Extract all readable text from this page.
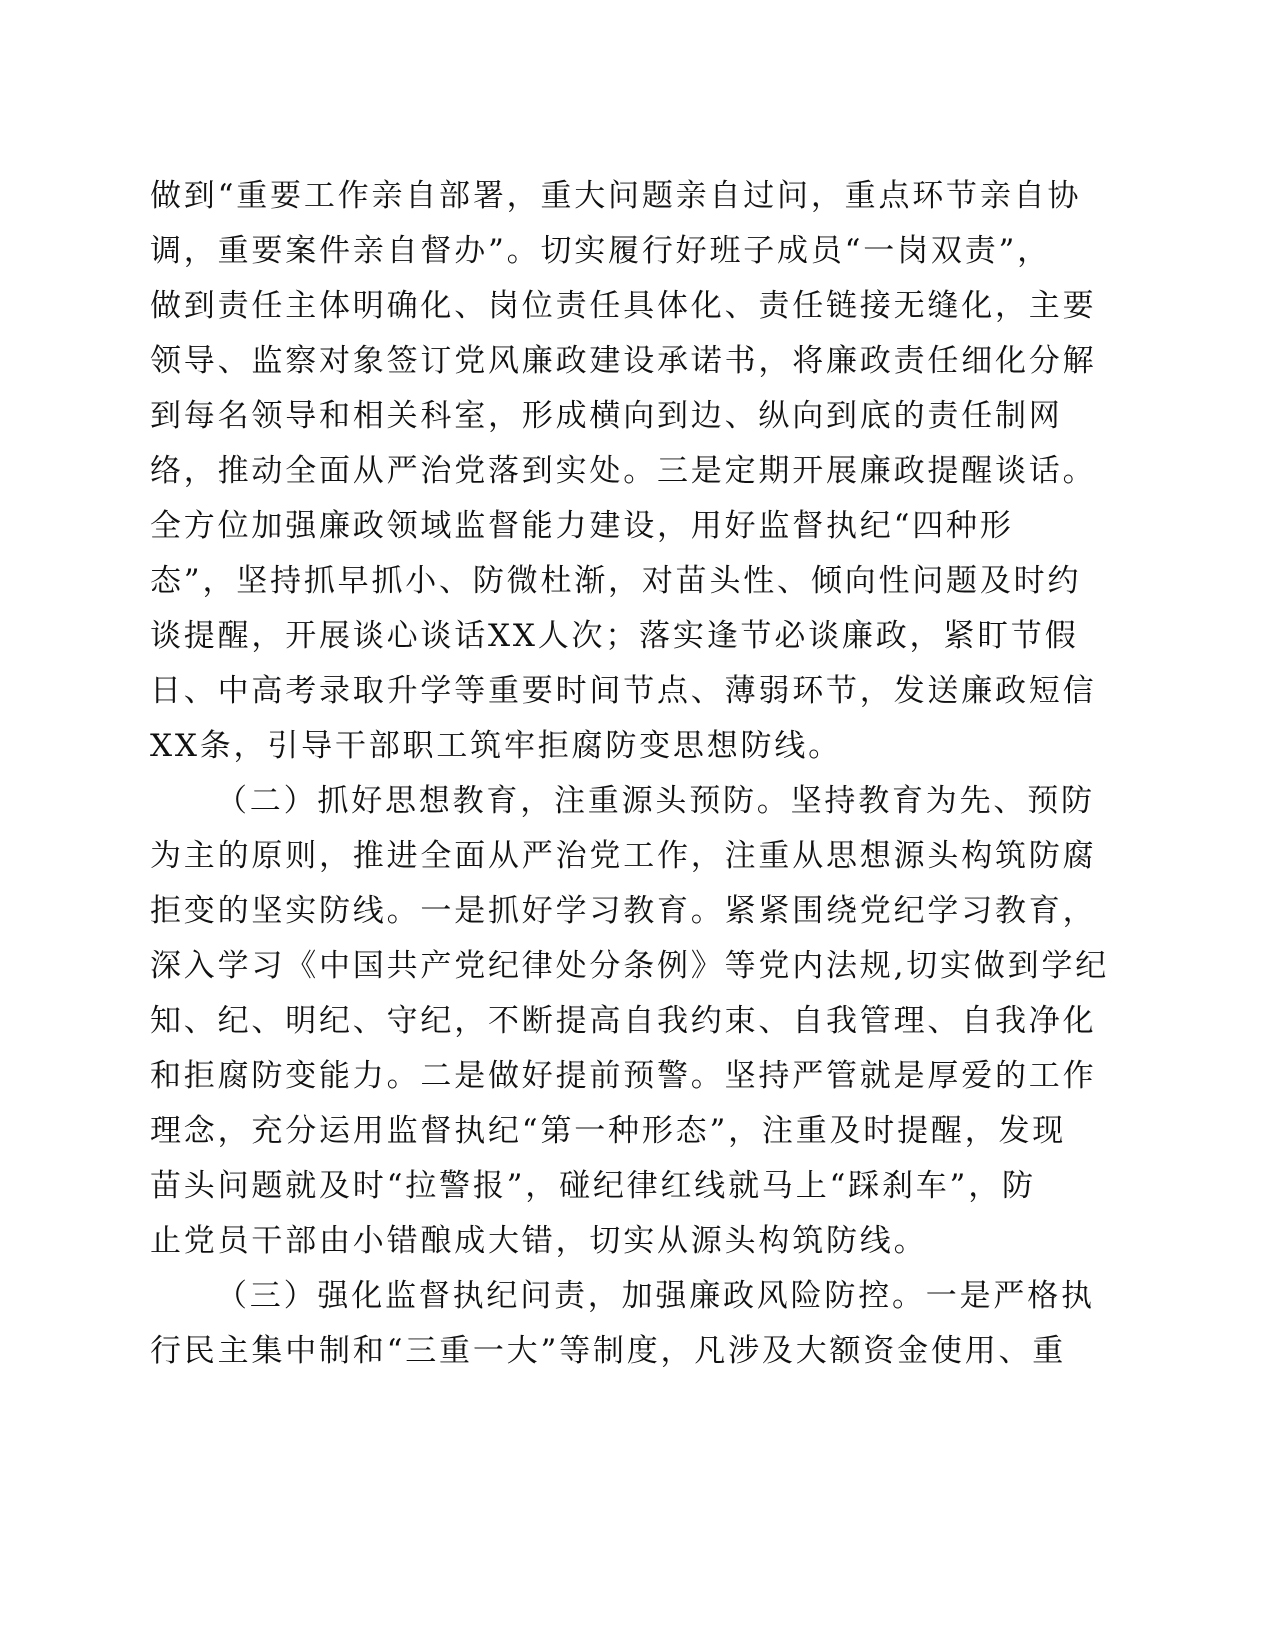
做到“重要工作亲自部署，重大问题亲自过问，重点环节亲自协
调，重要案件亲自督办”。切实履行好班子成员“一岗双责”，
做到责任主体明确化、岗位责任具体化、责任链接无缝化，主要
领导、监察对象签订党风廉政建设承诺书，将廉政责任细化分解
到每名领导和相关科室，形成横向到边、纵向到底的责任制网
络，推动全面从严治党落到实处。三是定期开展廉政提醒谈话。
全方位加强廉政领域监督能力建设，用好监督执纪“四种形
态”，坚持抓早抓小、防微杜渐，对苗头性、倾向性问题及时约
谈提醒，开展谈心谈话XX人次；落实逢节必谈廉政，紧盯节假
日、中高考录取升学等重要时间节点、薄弱环节，发送廉政短信
XX条，引导干部职工筑牢拒腐防变思想防线。
（二）抓好思想教育，注重源头预防。坚持教育为先、预防
为主的原则，推进全面从严治党工作，注重从思想源头构筑防腐
拒变的坚实防线。一是抓好学习教育。紧紧围绕党纪学习教育，
深入学习《中国共产党纪律处分条例》等党内法规,切实做到学纪
知、纪、明纪、守纪，不断提高自我约束、自我管理、自我净化
和拒腐防变能力。二是做好提前预警。坚持严管就是厚爱的工作
理念，充分运用监督执纪“第一种形态”，注重及时提醒，发现
苗头问题就及时“拉警报”，碰纪律红线就马上“踩刹车”，防
止党员干部由小错酿成大错，切实从源头构筑防线。
（三）强化监督执纪问责，加强廉政风险防控。一是严格执
行民主集中制和“三重一大”等制度，凡涉及大额资金使用、重
